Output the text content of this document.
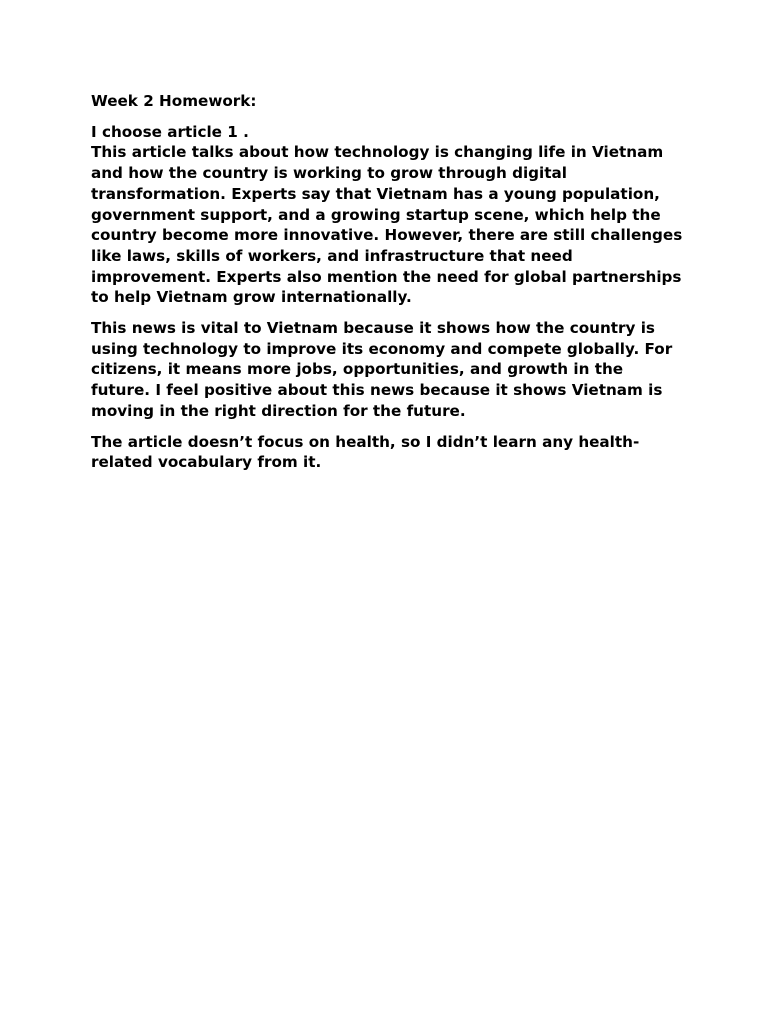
Week 2 Homework:

I choose article 1 .
This article talks about how technology is changing life in Vietnam and how the country is working to grow through digital transformation. Experts say that Vietnam has a young population, government support, and a growing startup scene, which help the country become more innovative. However, there are still challenges like laws, skills of workers, and infrastructure that need improvement. Experts also mention the need for global partnerships to help Vietnam grow internationally.

This news is vital to Vietnam because it shows how the country is using technology to improve its economy and compete globally. For citizens, it means more jobs, opportunities, and growth in the future. I feel positive about this news because it shows Vietnam is moving in the right direction for the future.

The article doesn’t focus on health, so I didn’t learn any health-related vocabulary from it.
